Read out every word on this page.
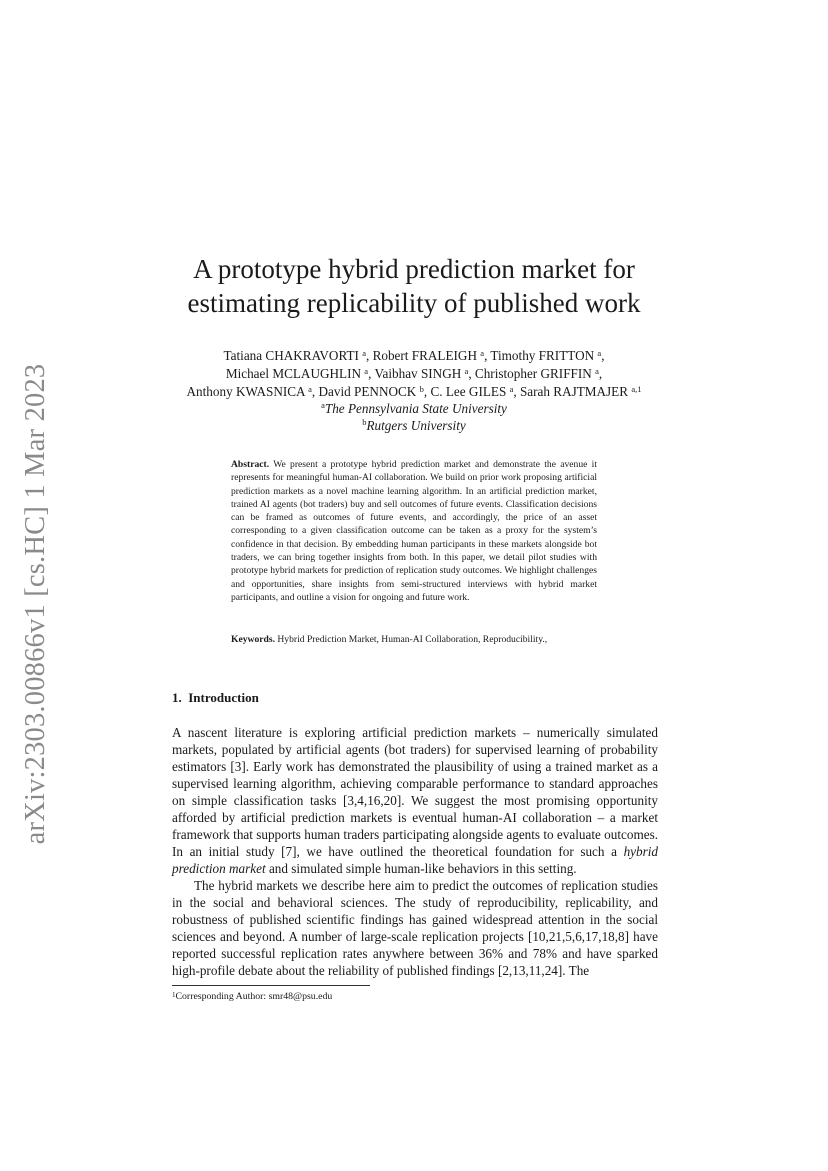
arXiv:2303.00866v1 [cs.HC] 1 Mar 2023
A prototype hybrid prediction market for
estimating replicability of published work
Tatiana CHAKRAVORTI $^a$, Robert FRALEIGH $^a$, Timothy FRITTON $^a$,
Michael MCLAUGHLIN $^a$, Vaibhav SINGH $^a$, Christopher GRIFFIN $^a$,
Anthony KWASNICA $^a$, David PENNOCK $^b$, C. Lee GILES $^a$, Sarah RAJTMAJER $^{a,1}$
$^a$The Pennsylvania State University
$^b$Rutgers University
Abstract. We present a prototype hybrid prediction market and demonstrate the avenue it represents for meaningful human-AI collaboration. We build on prior work proposing artificial prediction markets as a novel machine learning algorithm. In an artificial prediction market, trained AI agents (bot traders) buy and sell outcomes of future events. Classification decisions can be framed as outcomes of future events, and accordingly, the price of an asset corresponding to a given classification outcome can be taken as a proxy for the system’s confidence in that decision. By embedding human participants in these markets alongside bot traders, we can bring together insights from both. In this paper, we detail pilot studies with prototype hybrid markets for prediction of replication study outcomes. We highlight challenges and opportunities, share insights from semi-structured interviews with hybrid market participants, and outline a vision for ongoing and future work.
Keywords. Hybrid Prediction Market, Human-AI Collaboration, Reproducibility.,
1. Introduction

A nascent literature is exploring artificial prediction markets – numerically simulated markets, populated by artificial agents (bot traders) for supervised learning of probability estimators [3]. Early work has demonstrated the plausibility of using a trained market as a supervised learning algorithm, achieving comparable performance to standard approaches on simple classification tasks [3,4,16,20]. We suggest the most promising opportunity afforded by artificial prediction markets is eventual human-AI collaboration – a market framework that supports human traders participating alongside agents to evaluate outcomes. In an initial study [7], we have outlined the theoretical foundation for such a hybrid prediction market and simulated simple human-like behaviors in this setting.

The hybrid markets we describe here aim to predict the outcomes of replication studies in the social and behavioral sciences. The study of reproducibility, replicability, and robustness of published scientific findings has gained widespread attention in the social sciences and beyond. A number of large-scale replication projects [10,21,5,6,17,18,8] have reported successful replication rates anywhere between 36% and 78% and have sparked high-profile debate about the reliability of published findings [2,13,11,24]. The

$^1$Corresponding Author: smr48@psu.edu
